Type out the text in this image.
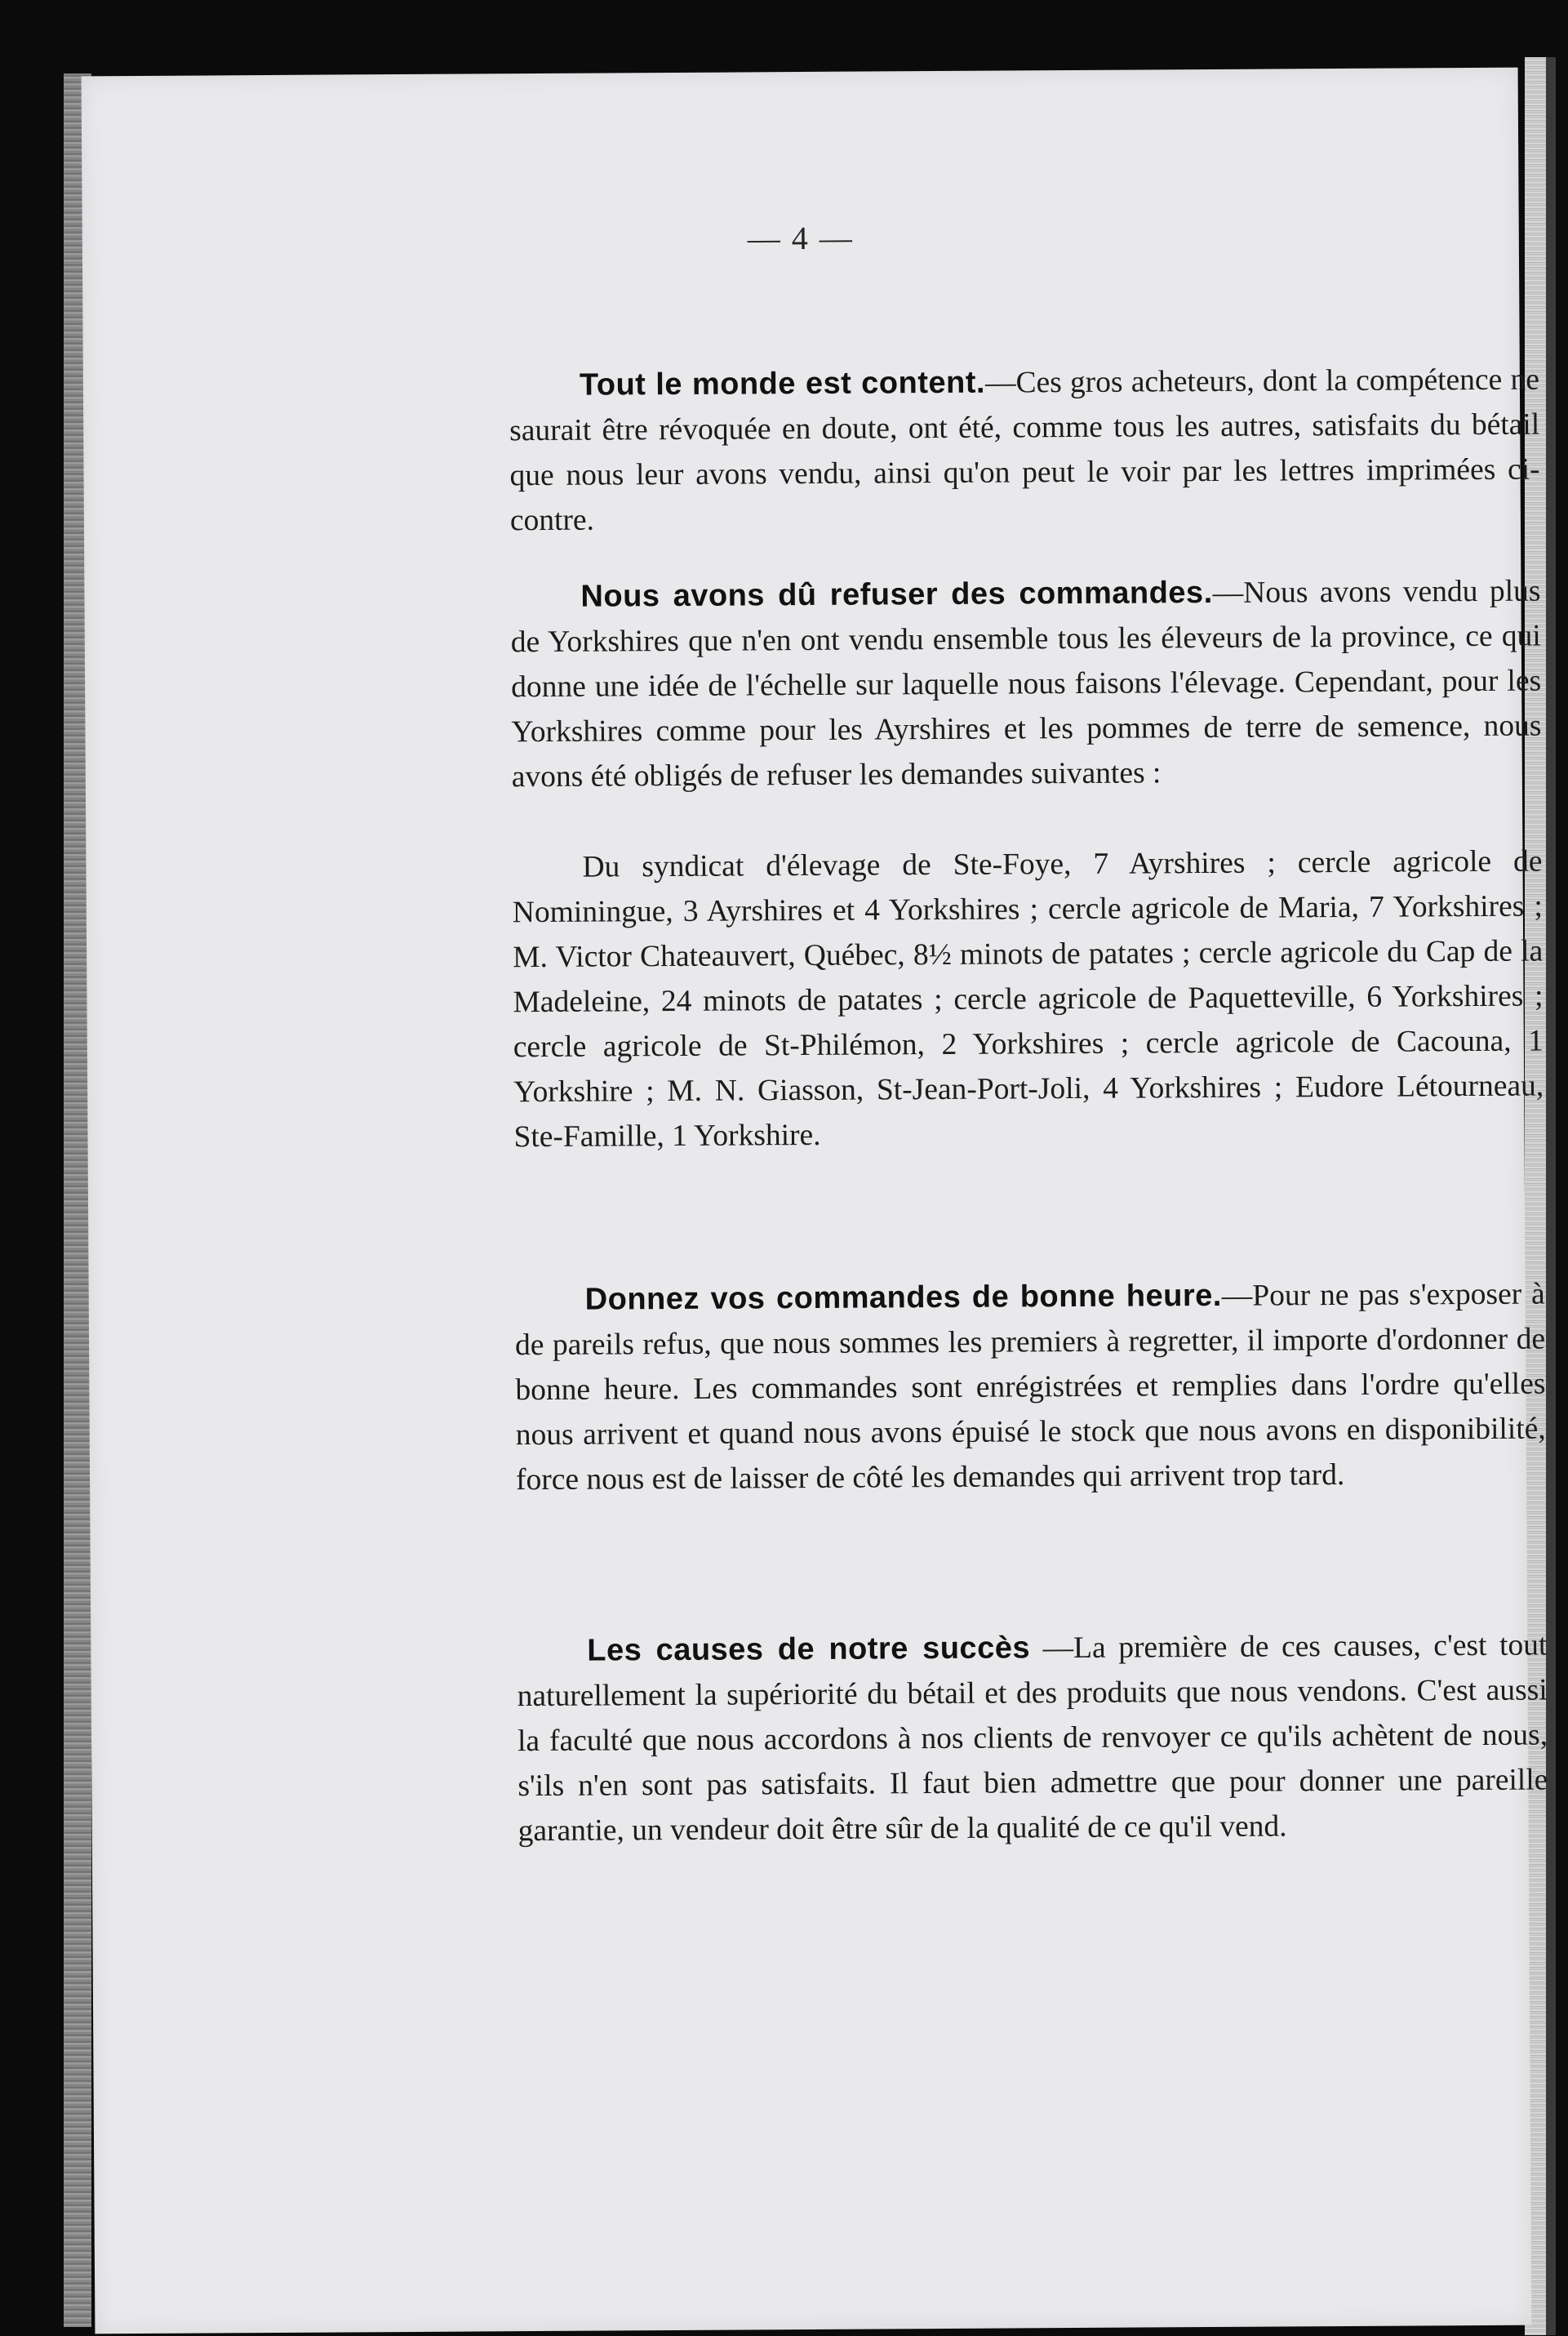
— 4 —

Tout le monde est content.—Ces gros acheteurs, dont la compétence ne saurait être révoquée en doute, ont été, comme tous les autres, satisfaits du bétail que nous leur avons vendu, ainsi qu'on peut le voir par les lettres imprimées ci-contre.

Nous avons dû refuser des commandes.—Nous avons vendu plus de Yorkshires que n'en ont vendu ensemble tous les éleveurs de la province, ce qui donne une idée de l'échelle sur laquelle nous faisons l'élevage. Cependant, pour les Yorkshires comme pour les Ayrshires et les pommes de terre de semence, nous avons été obligés de refuser les demandes suivantes :

Du syndicat d'élevage de Ste-Foye, 7 Ayrshires ; cercle agricole de Nominingue, 3 Ayrshires et 4 Yorkshires ; cercle agricole de Maria, 7 Yorkshires ; M. Victor Chateauvert, Québec, 8½ minots de patates ; cercle agricole du Cap de la Madeleine, 24 minots de patates ; cercle agricole de Paquetteville, 6 Yorkshires ; cercle agricole de St-Philémon, 2 Yorkshires ; cercle agricole de Cacouna, 1 Yorkshire ; M. N. Giasson, St-Jean-Port-Joli, 4 Yorkshires ; Eudore Létourneau, Ste-Famille, 1 Yorkshire.

Donnez vos commandes de bonne heure.—Pour ne pas s'exposer à de pareils refus, que nous sommes les premiers à regretter, il importe d'ordonner de bonne heure. Les commandes sont enrégistrées et remplies dans l'ordre qu'elles nous arrivent et quand nous avons épuisé le stock que nous avons en disponibilité, force nous est de laisser de côté les demandes qui arrivent trop tard.

Les causes de notre succès —La première de ces causes, c'est tout naturellement la supériorité du bétail et des produits que nous vendons. C'est aussi la faculté que nous accordons à nos clients de renvoyer ce qu'ils achètent de nous, s'ils n'en sont pas satisfaits. Il faut bien admettre que pour donner une pareille garantie, un vendeur doit être sûr de la qualité de ce qu'il vend.
